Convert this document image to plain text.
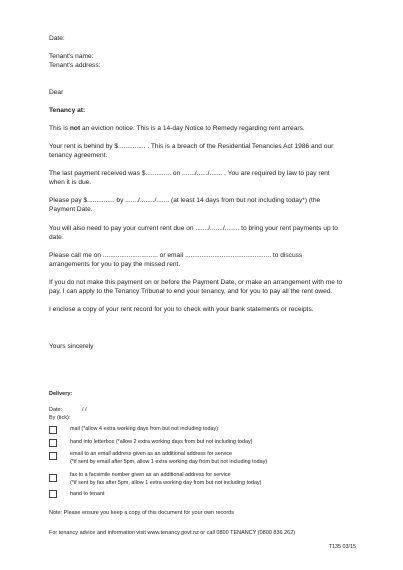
Date:
Tenant's name:
Tenant's address:
Dear
Tenancy at:
This is not an eviction notice. This is a 14-day Notice to Remedy regarding rent arrears.
Your rent is behind by $............... . This is a breach of the Residential Tenancies Act 1986 and our
tenancy agreement.
The last payment received was $.............. on ......./....../....... . You are required by law to pay rent
when it is due.
Please pay $............... by ......./......../....... (at least 14 days from but not including today*) (the
Payment Date.
You will also need to pay your current rent due on ......./......./........ to bring your rent payments up to
date.
Please call me on .............................. or email ............................................... to discuss
arrangements for you to pay the missed rent.
If you do not make this payment on or before the Payment Date, or make an arrangement with me to
pay, I can apply to the Tenancy Tribunal to end your tenancy, and for you to pay all the rent owed.
I enclose a copy of your rent record for you to check with your bank statements or receipts.
Yours sincerely
Delivery:
Date:	/ /
By (tick):
mail (*allow 4 extra working days from but not including today)
hand into letterbox (*allow 2 extra working days from but not including today)
email to an email address given as an additional address for service
(*if sent by email after 5pm, allow 1 extra working day from but not including today)
fax to a facsimile number given as an additional address for service
(*if sent by fax after 5pm, allow 1 extra working day from but not including today)
hand to tenant
Note: Please ensure you keep a copy of this document for your own records
For tenancy advice and information visit www.tenancy.govt.nz or call 0800 TENANCY (0800 836 262)
T135 03/15
